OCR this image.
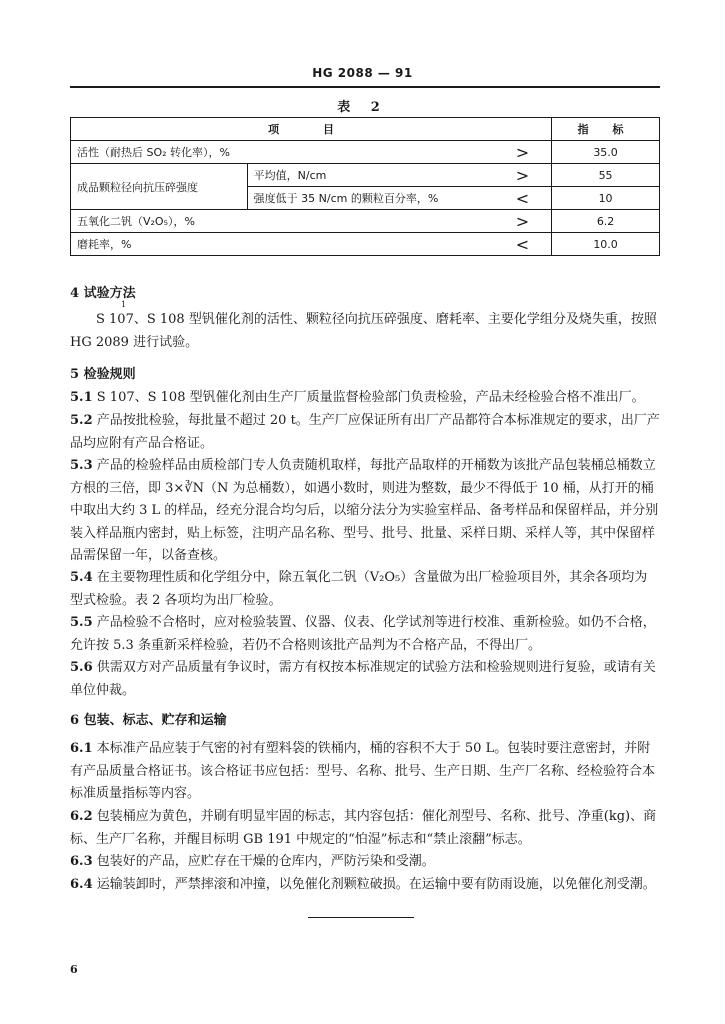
HG 2088 — 91
表 2
项 目			指 标
活性（耐热后 SO₂ 转化率），%		>	35.0
成品颗粒径向抗压碎强度	平均值，N/cm	>	55
	强度低于 35 N/cm 的颗粒百分率，%	<	10
五氧化二钒（V₂O₅），%		>	6.2
磨耗率，%		<	10.0
4 试验方法
1
S 107、S 108 型钒催化剂的活性、颗粒径向抗压碎强度、磨耗率、主要化学组分及烧失重，按照 HG 2089 进行试验。
5 检验规则
5.1 S 107、S 108 型钒催化剂由生产厂质量监督检验部门负责检验，产品未经检验合格不准出厂。
5.2 产品按批检验，每批量不超过 20 t。生产厂应保证所有出厂产品都符合本标准规定的要求，出厂产品均应附有产品合格证。
5.3 产品的检验样品由质检部门专人负责随机取样，每批产品取样的开桶数为该批产品包装桶总桶数立方根的三倍，即 3×∛N（N 为总桶数），如遇小数时，则进为整数，最少不得低于 10 桶，从打开的桶中取出大约 3 L 的样品，经充分混合均匀后，以缩分法分为实验室样品、备考样品和保留样品，并分别装入样品瓶内密封，贴上标签，注明产品名称、型号、批号、批量、采样日期、采样人等，其中保留样品需保留一年，以备查核。
5.4 在主要物理性质和化学组分中，除五氧化二钒（V₂O₅）含量做为出厂检验项目外，其余各项均为型式检验。表 2 各项均为出厂检验。
5.5 产品检验不合格时，应对检验装置、仪器、仪表、化学试剂等进行校准、重新检验。如仍不合格，允许按 5.3 条重新采样检验，若仍不合格则该批产品判为不合格产品，不得出厂。
5.6 供需双方对产品质量有争议时，需方有权按本标准规定的试验方法和检验规则进行复验，或请有关单位仲裁。
6 包装、标志、贮存和运输
6.1 本标准产品应装于气密的衬有塑料袋的铁桶内，桶的容积不大于 50 L。包装时要注意密封，并附有产品质量合格证书。该合格证书应包括：型号、名称、批号、生产日期、生产厂名称、经检验符合本标准质量指标等内容。
6.2 包装桶应为黄色，并刷有明显牢固的标志，其内容包括：催化剂型号、名称、批号、净重(kg)、商标、生产厂名称，并醒目标明 GB 191 中规定的“怕湿”标志和“禁止滚翻”标志。
6.3 包装好的产品，应贮存在干燥的仓库内，严防污染和受潮。
6.4 运输装卸时，严禁摔滚和冲撞，以免催化剂颗粒破损。在运输中要有防雨设施，以免催化剂受潮。
6
